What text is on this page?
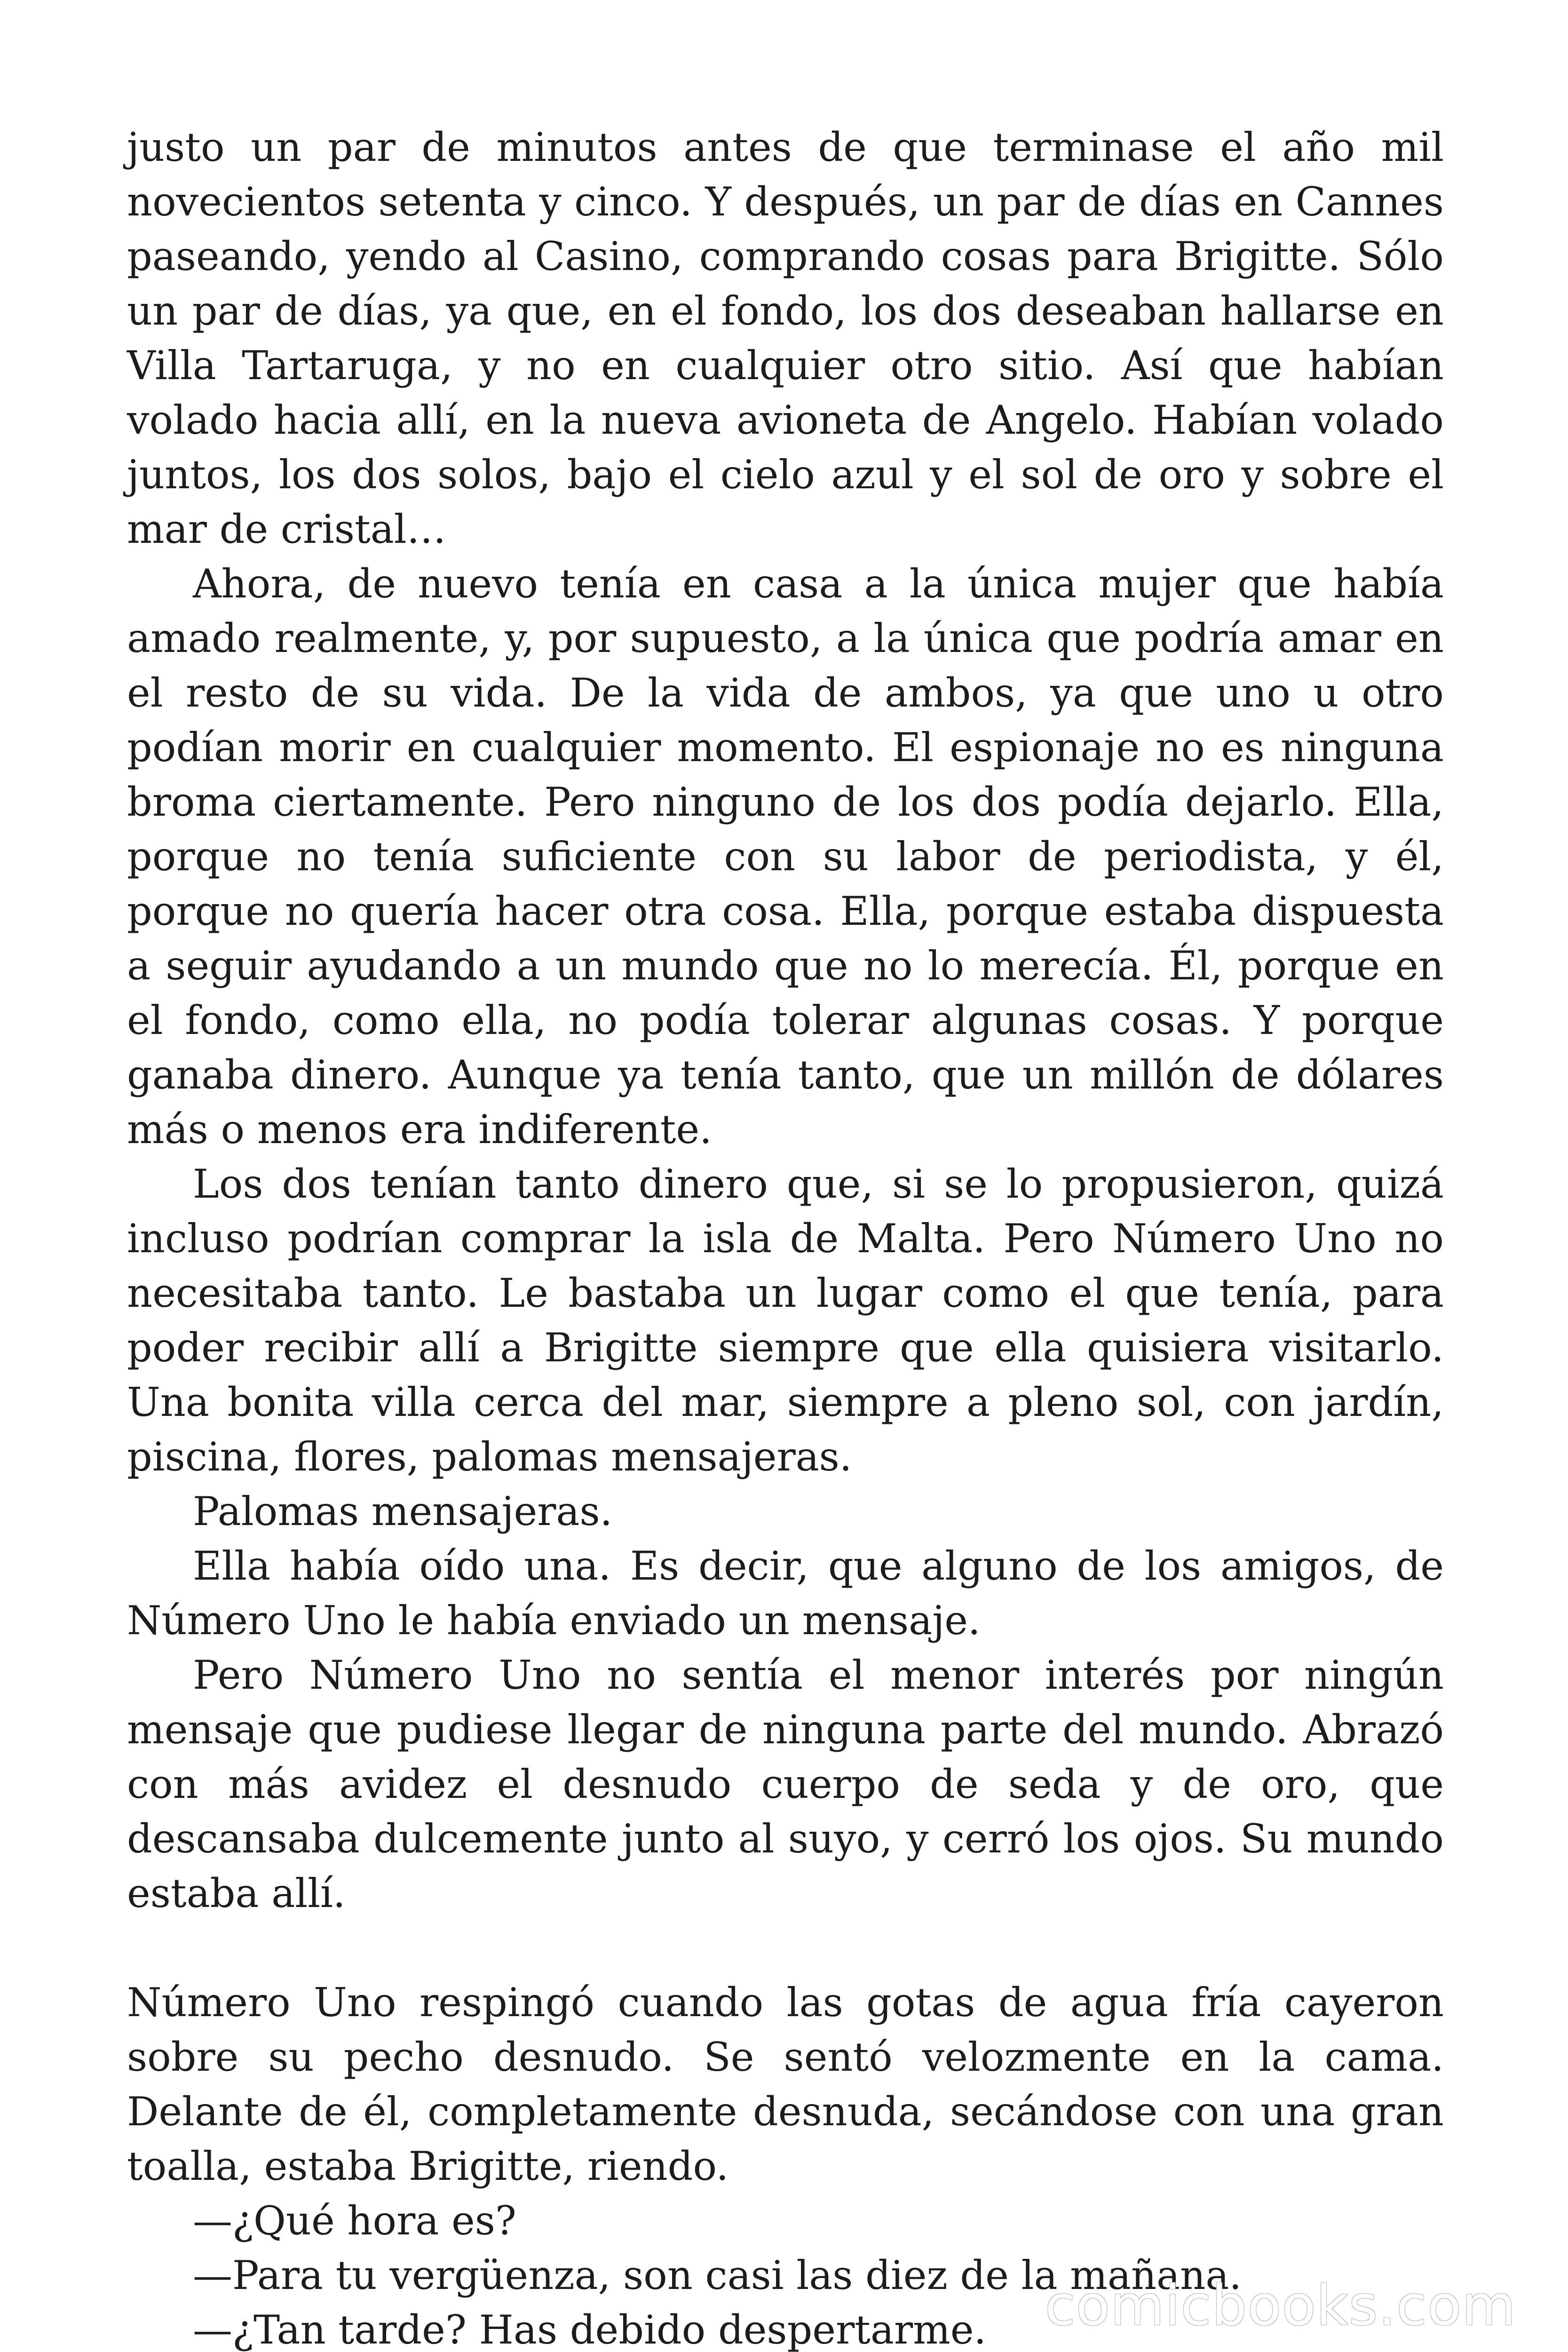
justo un par de minutos antes de que terminase el año mil novecientos setenta y cinco. Y después, un par de días en Cannes paseando, yendo al Casino, comprando cosas para Brigitte. Sólo un par de días, ya que, en el fondo, los dos deseaban hallarse en Villa Tartaruga, y no en cualquier otro sitio. Así que habían volado hacia allí, en la nueva avioneta de Angelo. Habían volado juntos, los dos solos, bajo el cielo azul y el sol de oro y sobre el mar de cristal…

Ahora, de nuevo tenía en casa a la única mujer que había amado realmente, y, por supuesto, a la única que podría amar en el resto de su vida. De la vida de ambos, ya que uno u otro podían morir en cualquier momento. El espionaje no es ninguna broma ciertamente. Pero ninguno de los dos podía dejarlo. Ella, porque no tenía suficiente con su labor de periodista, y él, porque no quería hacer otra cosa. Ella, porque estaba dispuesta a seguir ayudando a un mundo que no lo merecía. Él, porque en el fondo, como ella, no podía tolerar algunas cosas. Y porque ganaba dinero. Aunque ya tenía tanto, que un millón de dólares más o menos era indiferente.

Los dos tenían tanto dinero que, si se lo propusieron, quizá incluso podrían comprar la isla de Malta. Pero Número Uno no necesitaba tanto. Le bastaba un lugar como el que tenía, para poder recibir allí a Brigitte siempre que ella quisiera visitarlo. Una bonita villa cerca del mar, siempre a pleno sol, con jardín, piscina, flores, palomas mensajeras.

Palomas mensajeras.

Ella había oído una. Es decir, que alguno de los amigos, de Número Uno le había enviado un mensaje.

Pero Número Uno no sentía el menor interés por ningún mensaje que pudiese llegar de ninguna parte del mundo. Abrazó con más avidez el desnudo cuerpo de seda y de oro, que descansaba dulcemente junto al suyo, y cerró los ojos. Su mundo estaba allí.

Número Uno respingó cuando las gotas de agua fría cayeron sobre su pecho desnudo. Se sentó velozmente en la cama. Delante de él, completamente desnuda, secándose con una gran toalla, estaba Brigitte, riendo.

—¿Qué hora es?

—Para tu vergüenza, son casi las diez de la mañana.

—¿Tan tarde? Has debido despertarme.	comicbooks.com
